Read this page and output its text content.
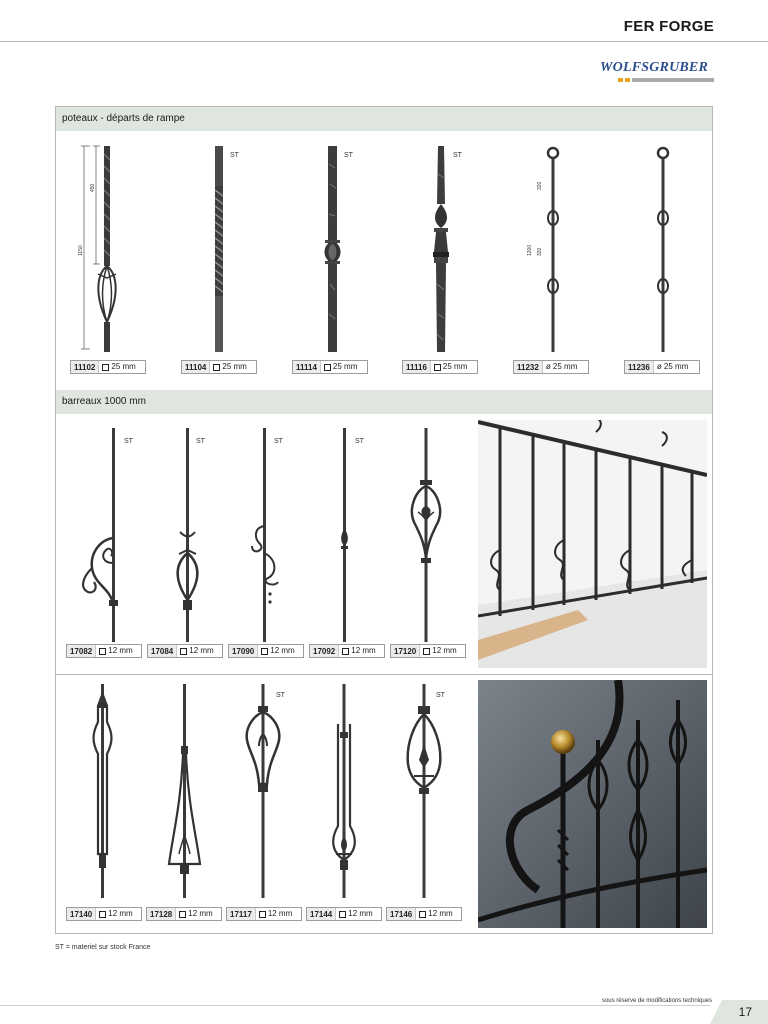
FER FORGE
WOLFSGRUBER
poteaux - départs de rampe
1150
450
1200
320
320
ST	ST	ST
11102	25 mm	11104	25 mm	11114	25 mm	11116	25 mm	11232 ø 25 mm	11236 ø 25 mm
barreaux 1000 mm
ST	ST	ST	ST
17082	12 mm	17084	12 mm	17090	12 mm	17092	12 mm	17120	12 mm
ST	ST
17140	12 mm	17128	12 mm	17117	12 mm	17144	12 mm	17146	12 mm
ST = materiel sur stock France
sous réserve de modifications techniques
17
